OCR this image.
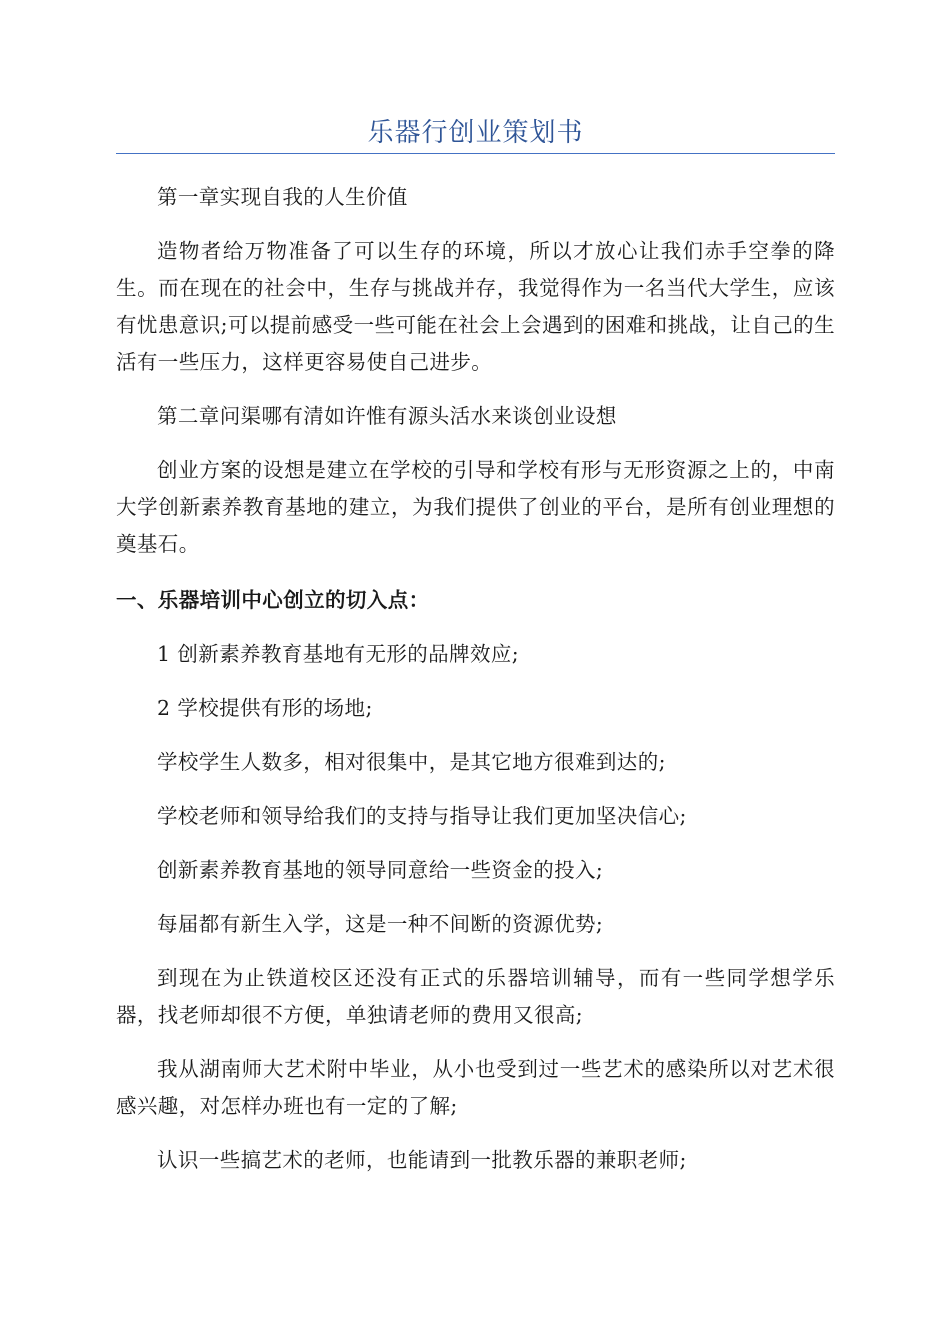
乐器行创业策划书

第一章实现自我的人生价值

造物者给万物准备了可以生存的环境，所以才放心让我们赤手空拳的降生。而在现在的社会中，生存与挑战并存，我觉得作为一名当代大学生，应该有忧患意识;可以提前感受一些可能在社会上会遇到的困难和挑战，让自己的生活有一些压力，这样更容易使自己进步。

第二章问渠哪有清如许惟有源头活水来谈创业设想

创业方案的设想是建立在学校的引导和学校有形与无形资源之上的，中南大学创新素养教育基地的建立，为我们提供了创业的平台，是所有创业理想的奠基石。

一、乐器培训中心创立的切入点：

1 创新素养教育基地有无形的品牌效应;

2 学校提供有形的场地;

学校学生人数多，相对很集中，是其它地方很难到达的;

学校老师和领导给我们的支持与指导让我们更加坚决信心;

创新素养教育基地的领导同意给一些资金的投入;

每届都有新生入学，这是一种不间断的资源优势;

到现在为止铁道校区还没有正式的乐器培训辅导，而有一些同学想学乐器，找老师却很不方便，单独请老师的费用又很高;

我从湖南师大艺术附中毕业，从小也受到过一些艺术的感染所以对艺术很感兴趣，对怎样办班也有一定的了解;

认识一些搞艺术的老师，也能请到一批教乐器的兼职老师;
